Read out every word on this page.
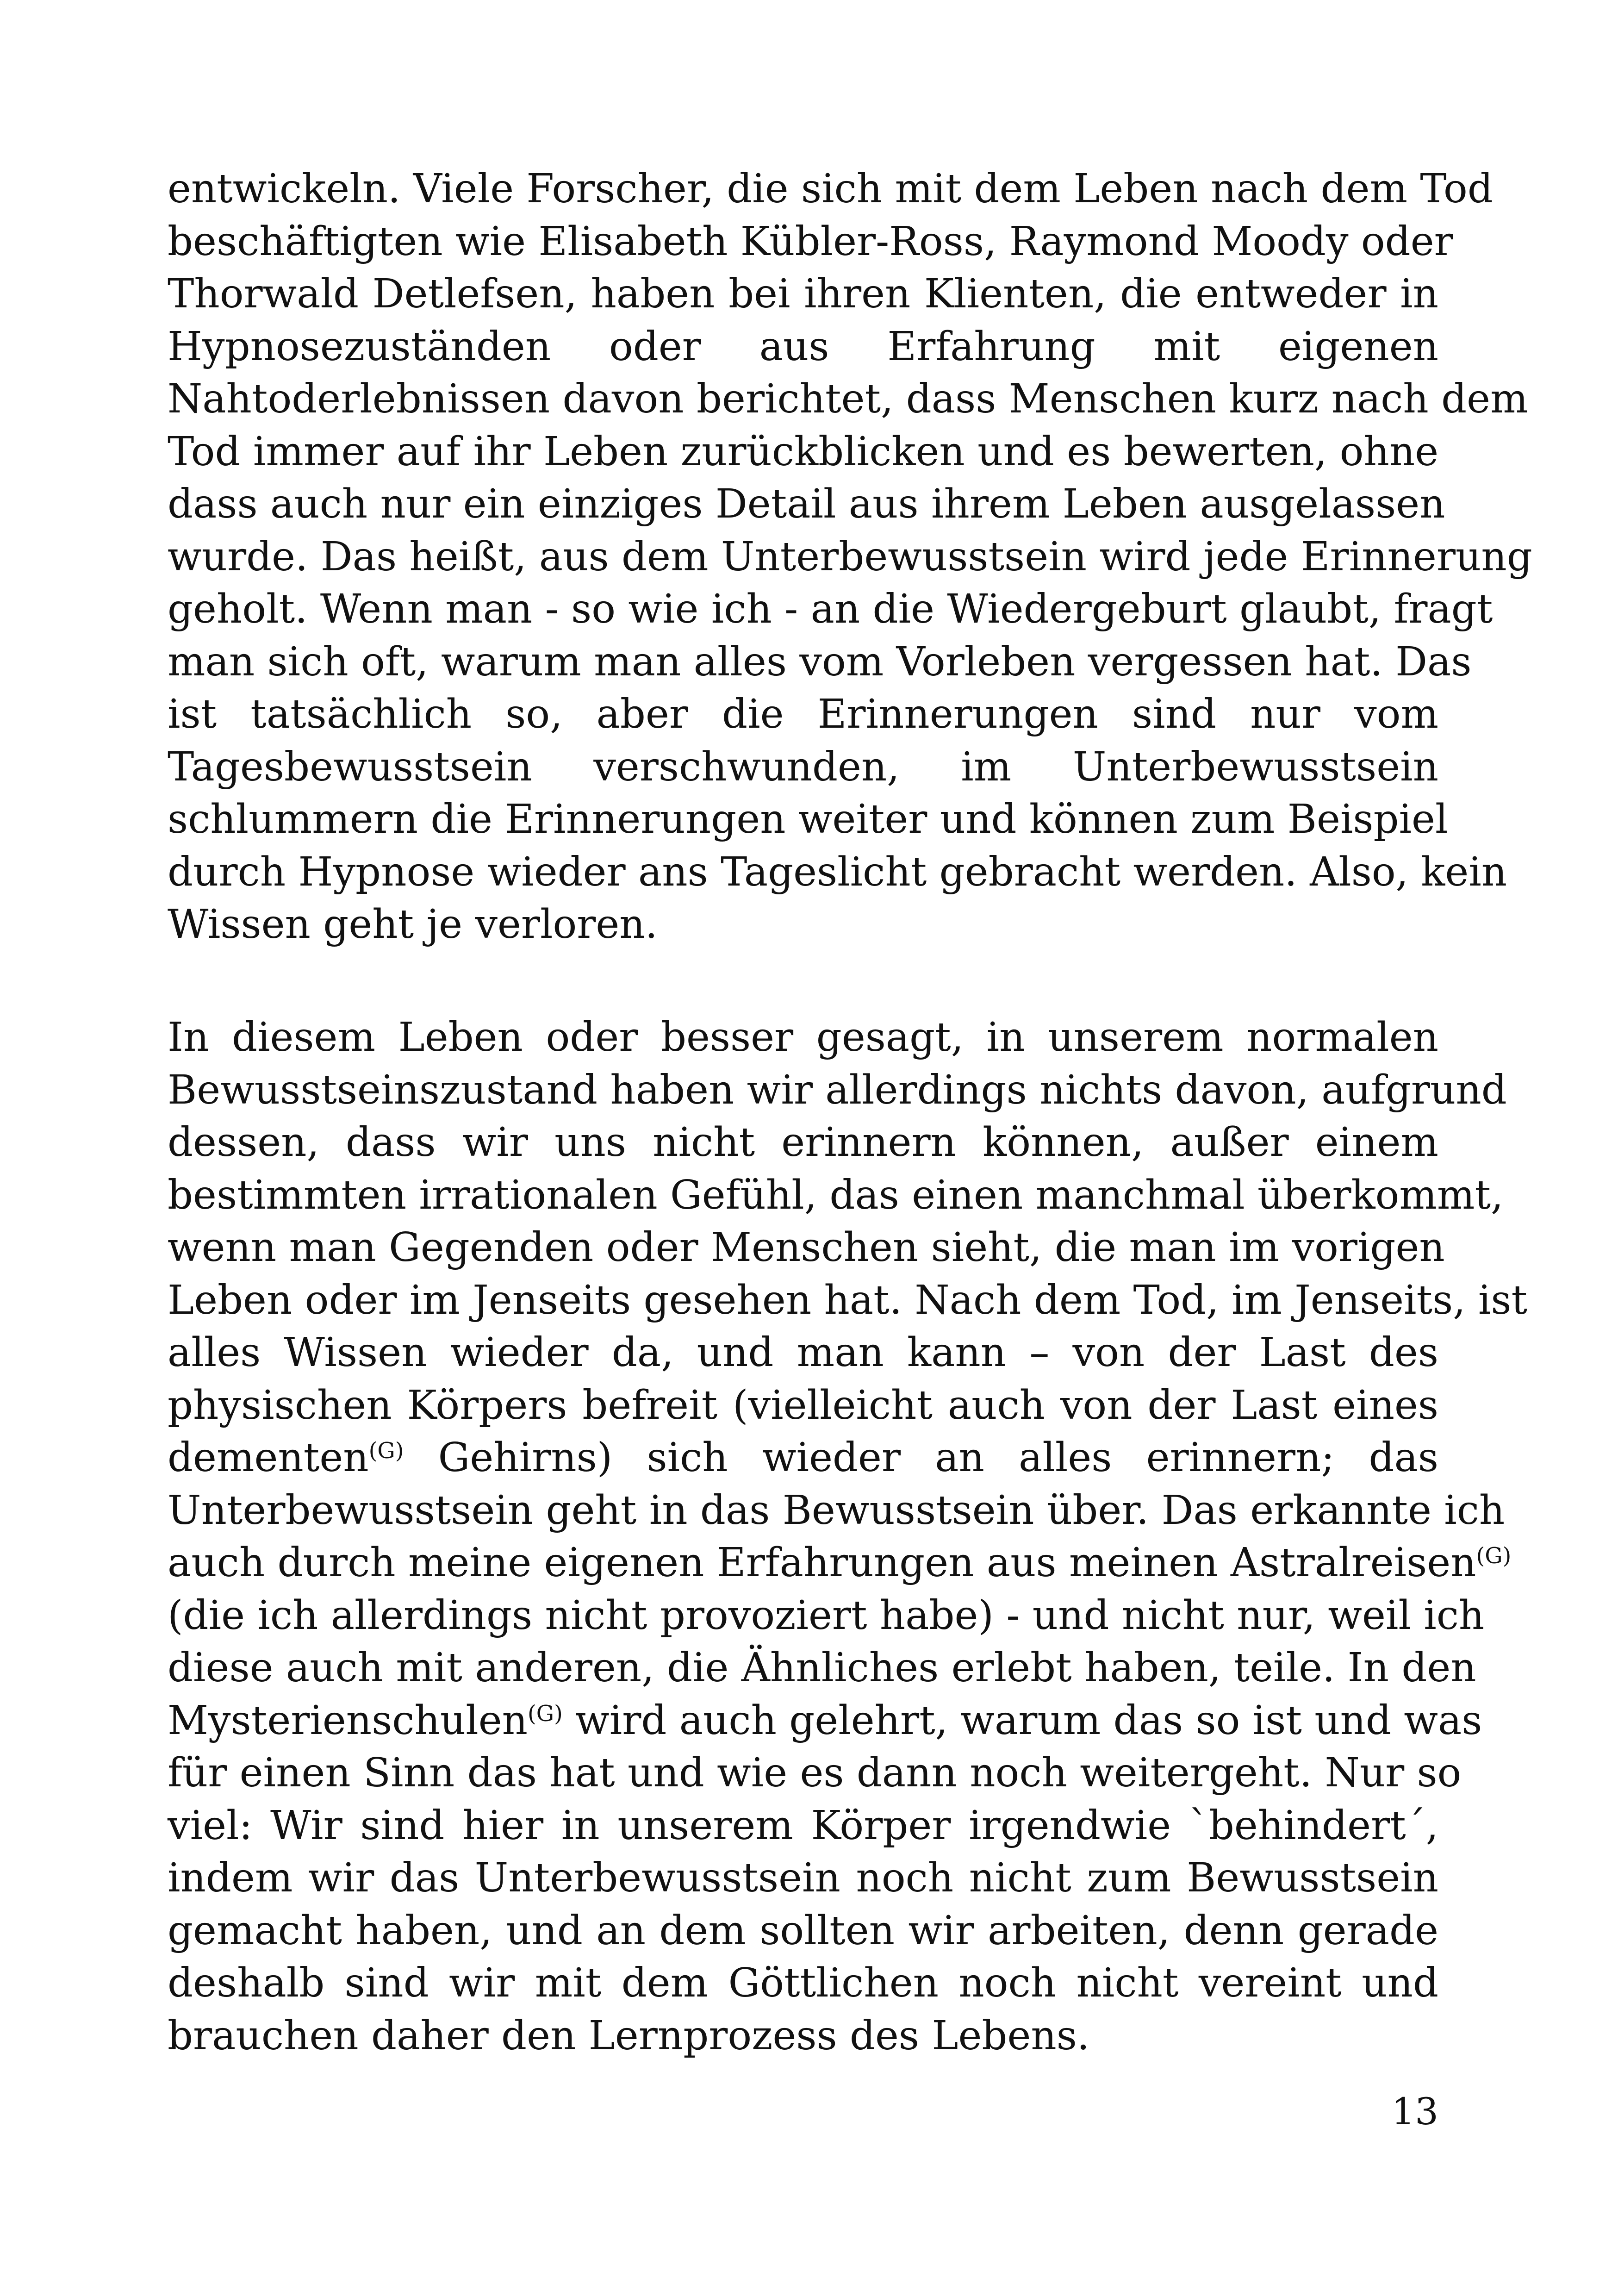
entwickeln. Viele Forscher, die sich mit dem Leben nach dem Tod
beschäftigten wie Elisabeth Kübler-Ross, Raymond Moody oder
Thorwald Detlefsen, haben bei ihren Klienten, die entweder in
Hypnosezuständen oder aus Erfahrung mit eigenen
Nahtoderlebnissen davon berichtet, dass Menschen kurz nach dem
Tod immer auf ihr Leben zurückblicken und es bewerten, ohne
dass auch nur ein einziges Detail aus ihrem Leben ausgelassen
wurde. Das heißt, aus dem Unterbewusstsein wird jede Erinnerung
geholt. Wenn man - so wie ich - an die Wiedergeburt glaubt, fragt
man sich oft, warum man alles vom Vorleben vergessen hat. Das
ist tatsächlich so, aber die Erinnerungen sind nur vom
Tagesbewusstsein verschwunden, im Unterbewusstsein
schlummern die Erinnerungen weiter und können zum Beispiel
durch Hypnose wieder ans Tageslicht gebracht werden. Also, kein
Wissen geht je verloren.
In diesem Leben oder besser gesagt, in unserem normalen
Bewusstseinszustand haben wir allerdings nichts davon, aufgrund
dessen, dass wir uns nicht erinnern können, außer einem
bestimmten irrationalen Gefühl, das einen manchmal überkommt,
wenn man Gegenden oder Menschen sieht, die man im vorigen
Leben oder im Jenseits gesehen hat. Nach dem Tod, im Jenseits, ist
alles Wissen wieder da, und man kann – von der Last des
physischen Körpers befreit (vielleicht auch von der Last eines
dementen$^{(G)}$ Gehirns) sich wieder an alles erinnern; das
Unterbewusstsein geht in das Bewusstsein über. Das erkannte ich
auch durch meine eigenen Erfahrungen aus meinen Astralreisen$^{(G)}$
(die ich allerdings nicht provoziert habe) - und nicht nur, weil ich
diese auch mit anderen, die Ähnliches erlebt haben, teile. In den
Mysterienschulen$^{(G)}$ wird auch gelehrt, warum das so ist und was
für einen Sinn das hat und wie es dann noch weitergeht. Nur so
viel: Wir sind hier in unserem Körper irgendwie `behindert´,
indem wir das Unterbewusstsein noch nicht zum Bewusstsein
gemacht haben, und an dem sollten wir arbeiten, denn gerade
deshalb sind wir mit dem Göttlichen noch nicht vereint und
brauchen daher den Lernprozess des Lebens.
13
